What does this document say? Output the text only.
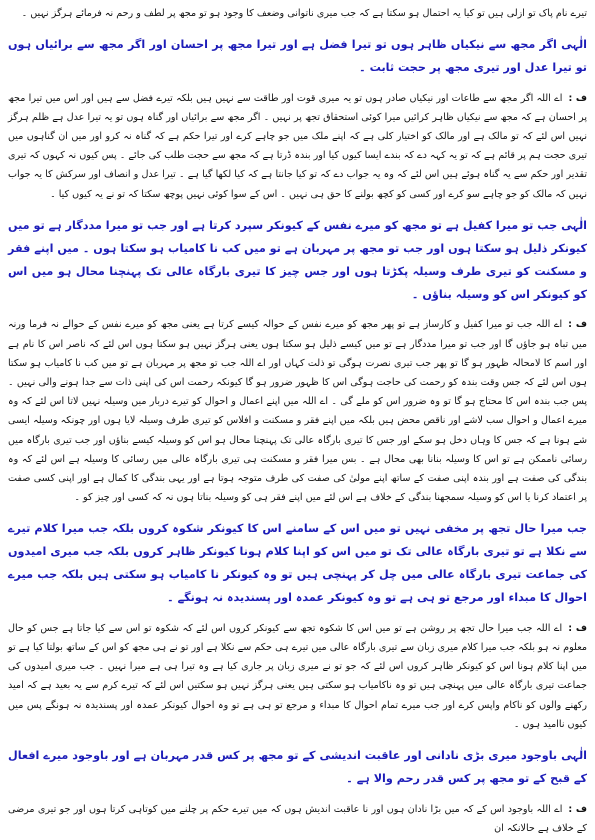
تیرے نام پاک تو ازلی ہیں تو کیا یہ احتمال ہو سکتا ہے کہ جب میری ناتوانی وضعف کا وجود ہو تو مجھ پر لطف و رحم نہ فرمائے ہرگز نہیں ۔

الٰہی اگر مجھ سے نیکیاں ظاہر ہوں تو تیرا فضل ہے اور تیرا مجھ پر احسان اور اگر مجھ سے برائیاں ہوں تو تیرا عدل اور تیری مجھ پر حجت ثابت ۔

ف :اے اللہ اگر مجھ سے طاعات اور نیکیاں صادر ہوں تو یہ میری قوت اور طاقت سے نہیں ہیں بلکہ تیرے فضل سے ہیں اور اس میں تیرا مجھ پر احسان ہے کہ مجھ سے نیکیاں ظاہر کرائیں میرا کوئی استحقاق تجھ پر نہیں ۔ اگر مجھ سے برائیاں اور گناہ ہوں تو یہ تیرا عدل ہے ظلم ہرگز نہیں اس لئے کہ تو مالک ہے اور مالک کو اختیار کلی ہے کہ اپنے ملک میں جو چاہے کرے اور تیرا حکم ہے کہ گناہ نہ کرو اور میں ان گناہوں میں تیری حجت ہم پر قائم ہے کہ تو یہ کہہ دے کہ بندے ایسا کیوں کیا اور بندہ ڈرتا ہے کہ مجھ سے حجت طلب کی جائے ۔ پس کیوں نہ کہوں کہ تیری تقدیر اور حکم سے یہ گناہ ہوئے ہیں اس لئے کہ وہ یہ جواب دے کہ تو کیا جانتا ہے کہ کیا لکھا گیا ہے ۔ تیرا عدل و انصاف اور سرکش کا یہ جواب نہیں کہ مالک کو جو چاہے سو کرے اور کسی کو کچھ بولنے کا حق ہی نہیں ۔ اس کے سوا کوئی نہیں پوچھ سکتا کہ تو نے یہ کیوں کیا ۔

الٰہی جب تو میرا کفیل ہے تو مجھ کو میرے نفس کے کیونکر سپرد کرتا ہے اور جب تو میرا مددگار ہے تو میں کیونکر ذلیل ہو سکتا ہوں اور جب تو مجھ پر مہربان ہے تو میں کب نا کامیاب ہو سکتا ہوں ۔ میں اپنے فقر و مسکنت کو تیری طرف وسیلہ پکڑتا ہوں اور جس چیز کا تیری بارگاہ عالی تک پہنچنا محال ہو میں اس کو کیونکر اس کو وسیلہ بناؤں ۔

ف :اے اللہ جب تو میرا کفیل و کارساز ہے تو پھر مجھ کو میرے نفس کے حوالہ کیسے کرتا ہے یعنی مجھ کو میرے نفس کے حوالے نہ فرما ورنہ میں تباہ ہو جاؤں گا اور جب تو میرا مددگار ہے تو میں کیسے ذلیل ہو سکتا ہوں یعنی ہرگز نہیں ہو سکتا ہوں اس لئے کہ ناصر اس کا نام ہے اور اسم کا لامحالہ ظہور ہو گا تو پھر جب تیری نصرت ہوگی تو ذلت کہاں اور اے اللہ جب تو مجھ پر مہربان ہے تو میں کب نا کامیاب ہو سکتا ہوں اس لئے کہ جس وقت بندہ کو رحمت کی حاجت ہوگی اس کا ظہور ضرور ہو گا کیونکہ رحمت اس کی اپنی ذات سے جدا ہونے والی نہیں ۔ پس جب بندہ اس کا محتاج ہو گا تو وہ ضرور اس کو ملے گی ۔ اے اللہ میں اپنے اعمال و احوال کو تیرے دربار میں وسیلہ نہیں لاتا اس لئے کہ وہ میرے اعمال و احوال سب لاشے اور ناقص محض ہیں بلکہ میں اپنے فقر و مسکنت و افلاس کو تیری طرف وسیلہ لایا ہوں اور چونکہ وسیلہ ایسی شے ہونا ہے کہ جس کا وہاں دخل ہو سکے اور جس کا تیری بارگاہ عالی تک پہنچنا محال ہو اس کو وسیلہ کیسے بناؤں اور جب تیری بارگاہ میں رسائی ناممکن ہے تو اس کا وسیلہ بنانا بھی محال ہے ۔ بس میرا فقر و مسکنت ہی تیری بارگاہ عالی میں رسائی کا وسیلہ ہے اس لئے کہ وہ بندگی کی صفت ہے اور بندہ اپنی صفت کے ساتھ اپنے مولیٰ کی صفت کی طرف متوجہ ہوتا ہے اور یہی بندگی کا کمال ہے اور اپنی کسی صفت پر اعتماد کرنا یا اس کو وسیلہ سمجھنا بندگی کے خلاف ہے اس لئے میں اپنے فقر ہی کو وسیلہ بناتا ہوں نہ کہ کسی اور چیز کو ۔

جب میرا حال تجھ پر مخفی نہیں تو میں اس کے سامنے اس کا کیونکر شکوہ کروں بلکہ جب میرا کلام تیرے سے نکلا ہے تو تیری بارگاہ عالی تک تو میں اس کو اپنا کلام ہونا کیونکر ظاہر کروں بلکہ جب میری امیدوں کی جماعت تیری بارگاہ عالی میں چل کر پہنچی ہیں تو وہ کیونکر نا کامیاب ہو سکتی ہیں بلکہ جب میرے احوال کا مبداء اور مرجع تو ہی ہے تو وہ کیونکر عمدہ اور پسندیدہ نہ ہونگے ۔

ف :اے اللہ جب میرا حال تجھ پر روشن ہے تو میں اس کا شکوہ تجھ سے کیونکر کروں اس لئے کہ شکوہ تو اس سے کیا جاتا ہے جس کو حال معلوم نہ ہو بلکہ جب میرا کلام میری زبان سے تیری بارگاہ عالی میں تیرے ہی حکم سے نکلا ہے اور تو نے ہی مجھ کو اس کے ساتھ بولتا کیا ہے تو میں اپنا کلام ہونا اس کو کیونکر ظاہر کروں اس لئے کہ جو تو نے میری زبان پر جاری کیا ہے وہ تیرا ہی ہے میرا نہیں ۔ جب میری امیدوں کی جماعت تیری بارگاہ عالی میں پہنچی ہیں تو وہ ناکامیاب ہو سکتی ہیں یعنی ہرگز نہیں ہو سکتیں اس لئے کہ تیرے کرم سے یہ بعید ہے کہ امید رکھنے والوں کو ناکام واپس کرے اور جب میرے تمام احوال کا مبداء و مرجع تو ہی ہے تو وہ احوال کیونکر عمدہ اور پسندیدہ نہ ہونگے پس میں کیوں ناامید ہوں ۔

الٰہی باوجود میری بڑی نادانی اور عاقبت اندیشی کے تو مجھ پر کس قدر مہربان ہے اور باوجود میرے افعال کے قبح کے تو مجھ پر کس قدر رحم والا ہے ۔

ف :اے اللہ باوجود اس کے کہ میں بڑا نادان ہوں اور نا عاقبت اندیش ہوں کہ میں تیرے حکم پر چلنے میں کوتاہی کرتا ہوں اور جو تیری مرضی کے خلاف ہے حالانکہ ان
